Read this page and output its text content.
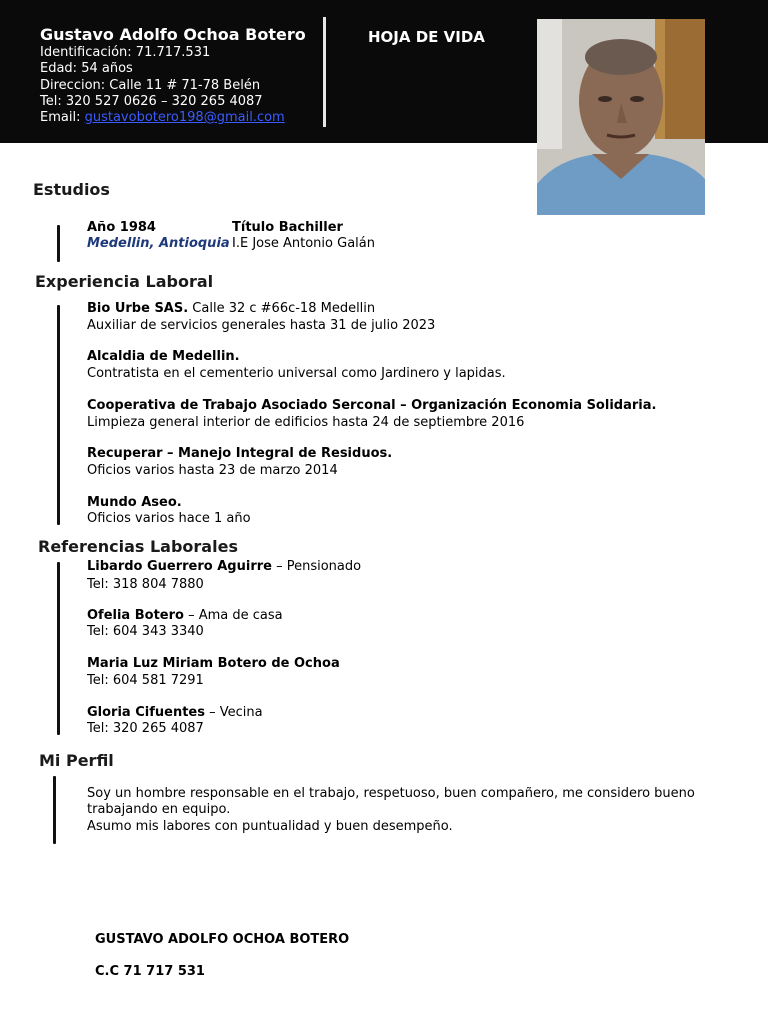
Gustavo Adolfo Ochoa Botero
Identificación: 71.717.531
Edad: 54 años
Direccion: Calle 11 # 71-78 Belén
Tel: 320 527 0626 – 320 265 4087
Email: gustavobotero198@gmail.com
HOJA DE VIDA
Estudios
Año 1984	Título Bachiller
Medellin, Antioquia I.E Jose Antonio Galán
Experiencia Laboral
Bio Urbe SAS. Calle 32 c #66c-18 Medellin
Auxiliar de servicios generales hasta 31 de julio 2023
Alcaldia de Medellin.
Contratista en el cementerio universal como Jardinero y lapidas.
Cooperativa de Trabajo Asociado Serconal – Organización Economia Solidaria.
Limpieza general interior de edificios hasta 24 de septiembre 2016
Recuperar – Manejo Integral de Residuos.
Oficios varios hasta 23 de marzo 2014
Mundo Aseo.
Oficios varios hace 1 año
Referencias Laborales
Libardo Guerrero Aguirre – Pensionado
Tel: 318 804 7880
Ofelia Botero – Ama de casa
Tel: 604 343 3340
Maria Luz Miriam Botero de Ochoa
Tel: 604 581 7291
Gloria Cifuentes – Vecina
Tel: 320 265 4087
Mi Perfil
Soy un hombre responsable en el trabajo, respetuoso, buen compañero, me considero bueno
trabajando en equipo.
Asumo mis labores con puntualidad y buen desempeño.
GUSTAVO ADOLFO OCHOA BOTERO
C.C 71 717 531
